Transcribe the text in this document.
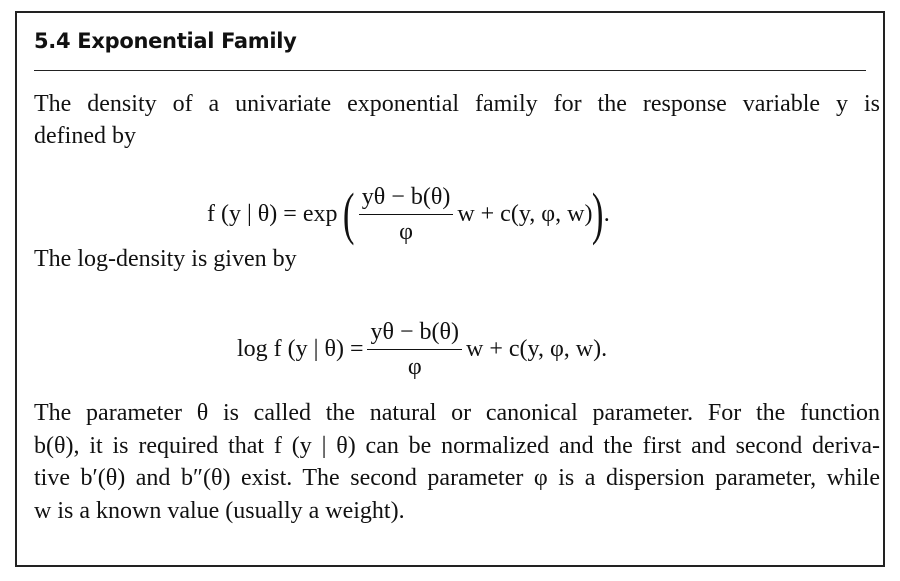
5.4 Exponential Family
The density of a univariate exponential family for the response variable y is
defined by
f (y | θ) = exp ( $\frac{y\theta - b(\theta)}{\varphi}$ w + c(y, φ, w) ) .
The log-density is given by
log f (y | $\theta) = \frac{y\theta - b(\theta)}{\varphi}$ w + c(y, φ, w).
The parameter θ is called the natural or canonical parameter. For the function
b(θ), it is required that f (y | θ) can be normalized and the first and second deriva-
tive b′(θ) and b″(θ) exist. The second parameter φ is a dispersion parameter, while
w is a known value (usually a weight).
